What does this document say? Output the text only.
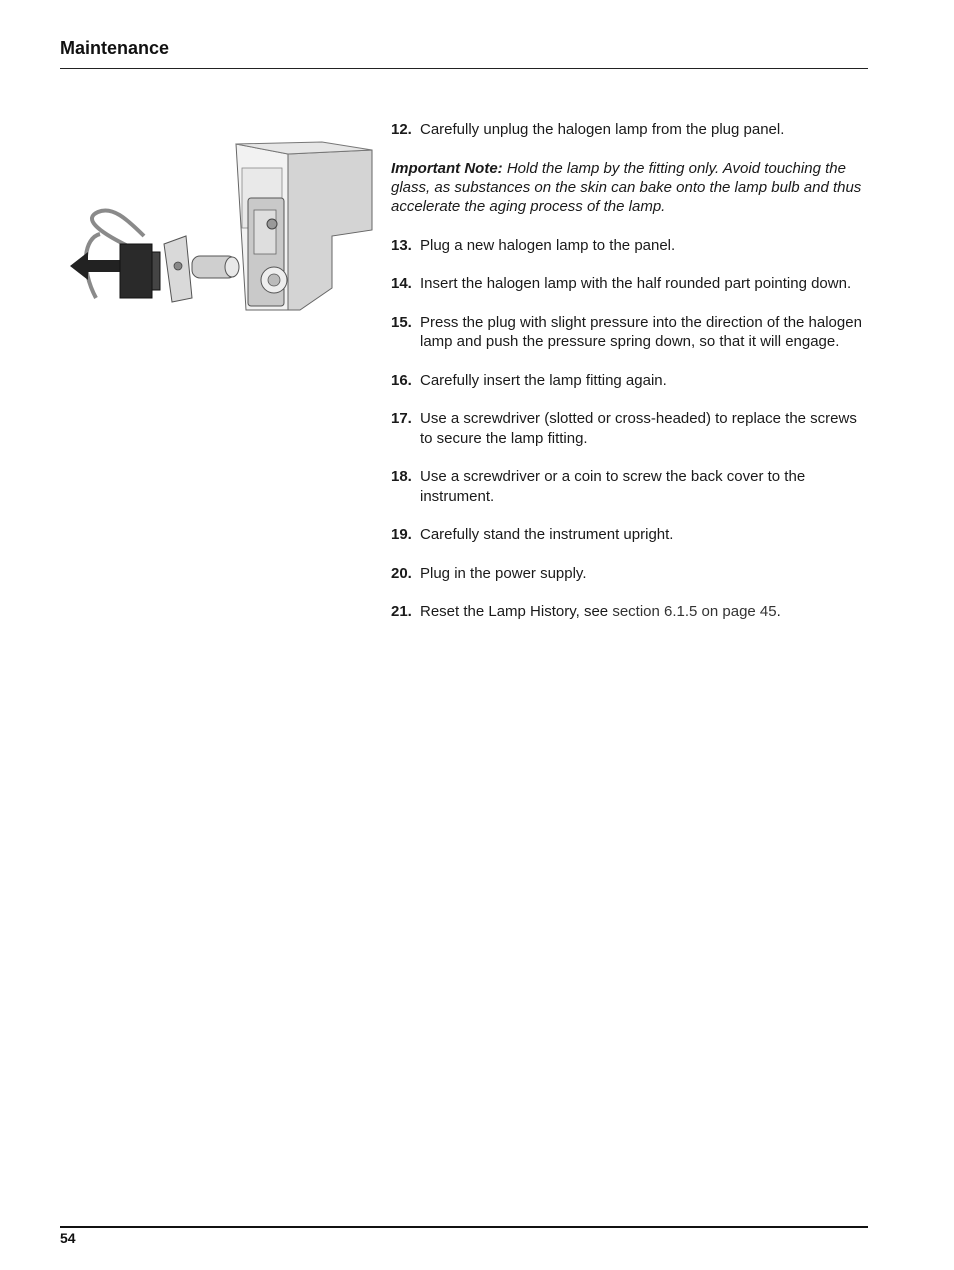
Maintenance
12. Carefully unplug the halogen lamp from the plug panel.
Important Note: Hold the lamp by the fitting only. Avoid touching the glass, as substances on the skin can bake onto the lamp bulb and thus accelerate the aging process of the lamp.
13. Plug a new halogen lamp to the panel.
14. Insert the halogen lamp with the half rounded part pointing down.
15. Press the plug with slight pressure into the direction of the halogen lamp and push the pressure spring down, so that it will engage.
16. Carefully insert the lamp fitting again.
17. Use a screwdriver (slotted or cross-headed) to replace the screws to secure the lamp fitting.
18. Use a screwdriver or a coin to screw the back cover to the instrument.
19. Carefully stand the instrument upright.
20. Plug in the power supply.
21. Reset the Lamp History, see section 6.1.5 on page 45.
54
